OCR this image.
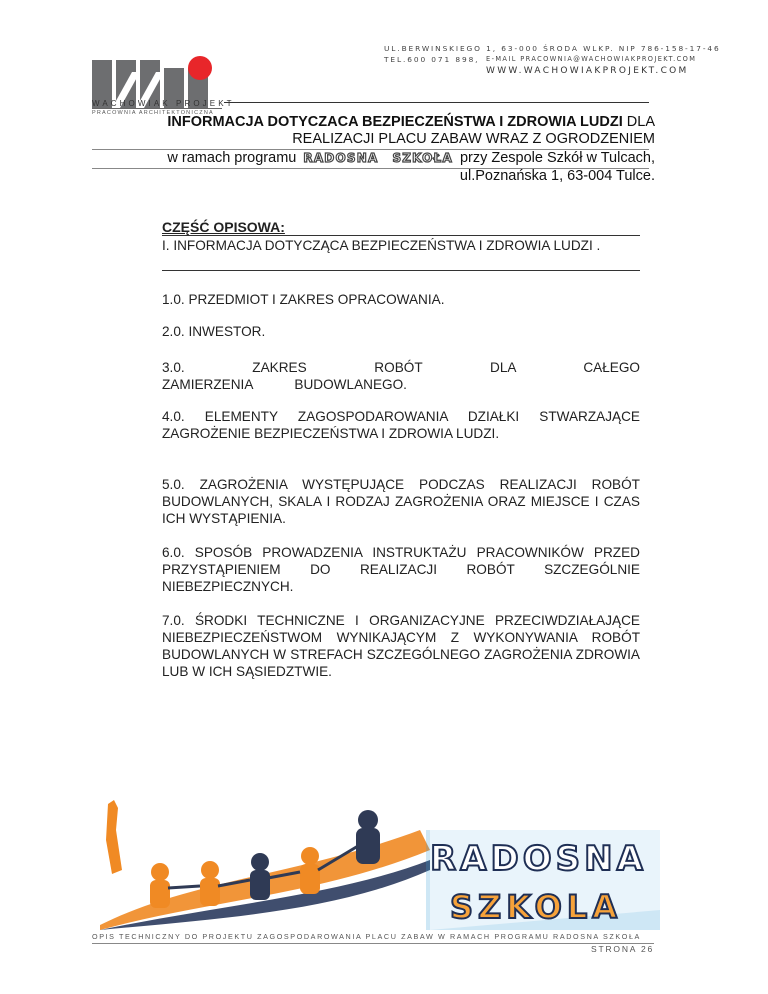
WACHOWIAK PROJEKT
PRACOWNIA ARCHITEKTONICZNA
UL.BERWINSKIEGO 1, 63-000 ŚRODA WLKP. NIP 786-158-17-46
TEL.600 071 898, E-MAIL PRACOWNIA@WACHOWIAKPROJEKT.COM
WWW.WACHOWIAKPROJEKT.COM
INFORMACJA DOTYCZACA BEZPIECZEŃSTWA I ZDROWIA LUDZI DLA
REALIZACJI PLACU ZABAW WRAZ Z OGRODZENIEM
w ramach programu RADOSNA SZKOŁA przy Zespole Szkół w Tulcach,
ul.Poznańska 1, 63-004 Tulce.
CZĘŚĆ OPISOWA:
I. INFORMACJA DOTYCZĄCA BEZPIECZEŃSTWA I ZDROWIA LUDZI .
1.0. PRZEDMIOT I ZAKRES OPRACOWANIA.
2.0. INWESTOR.
3.0. ZAKRES ROBÓT DLA CAŁEGO ZAMIERZENIA BUDOWLANEGO.
4.0. ELEMENTY ZAGOSPODAROWANIA DZIAŁKI STWARZAJĄCE ZAGROŻENIE BEZPIECZEŃSTWA I ZDROWIA LUDZI.
5.0. ZAGROŻENIA WYSTĘPUJĄCE PODCZAS REALIZACJI ROBÓT BUDOWLANYCH, SKALA I RODZAJ ZAGROŻENIA ORAZ MIEJSCE I CZAS ICH WYSTĄPIENIA.
6.0. SPOSÓB PROWADZENIA INSTRUKTAŻU PRACOWNIKÓW PRZED PRZYSTĄPIENIEM DO REALIZACJI ROBÓT SZCZEGÓLNIE NIEBEZPIECZNYCH.
7.0. ŚRODKI TECHNICZNE I ORGANIZACYJNE PRZECIWDZIAŁAJĄCE NIEBEZPIECZEŃSTWOM WYNIKAJĄCYM Z WYKONYWANIA ROBÓT BUDOWLANYCH W STREFACH SZCZEGÓLNEGO ZAGROŻENIA ZDROWIA LUB W ICH SĄSIEDZTWIE.
RADOSNA
SZKOLA
OPIS TECHNICZNY DO PROJEKTU ZAGOSPODAROWANIA PLACU ZABAW W RAMACH PROGRAMU RADOSNA SZKOŁA
STRONA 26
